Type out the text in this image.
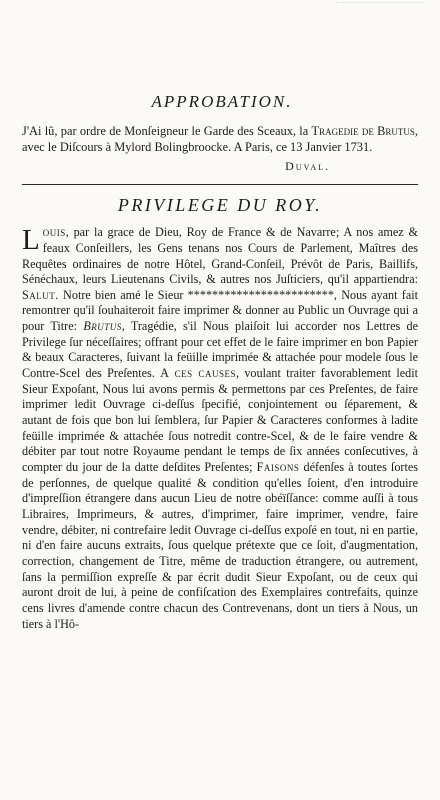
APPROBATION.

J'Ai lû, par ordre de Monſeigneur le Garde des Sceaux, la Tragedie de Brutus, avec le Diſcours à Mylord Bolingbroocke. A Paris, ce 13 Janvier 1731.

Duval.
PRIVILEGE DU ROY.
Louis, par la grace de Dieu, Roy de France & de Navarre; A nos amez & feaux Conſeillers, les Gens tenans nos Cours de Parlement, Maîtres des Requêtes ordinaires de notre Hôtel, Grand-Conſeil, Prévôt de Paris, Baillifs, Sénéchaux, leurs Lieutenans Civils, & autres nos Juſticiers, qu'il appartiendra: Salut. Notre bien amé le Sieur ************************, Nous ayant fait remontrer qu'il ſouhaiteroit faire imprimer & donner au Public un Ouvrage qui a pour Titre: Brutus, Tragédie, s'il Nous plaiſoit lui accorder nos Lettres de Privilege ſur néceſſaires; offrant pour cet effet de le faire imprimer en bon Papier & beaux Caracteres, ſuivant la feüille imprimée & attachée pour modele ſous le Contre-Scel des Preſentes. A ces causes, voulant traiter favorablement ledit Sieur Expoſant, Nous lui avons permis & permettons par ces Preſentes, de faire imprimer ledit Ouvrage ci-deſſus ſpecifié, conjointement ou ſéparement, & autant de fois que bon lui ſemblera, ſur Papier & Caracteres conformes à ladite feüille imprimée & attachée ſous notredit contre-Scel, & de le faire vendre & débiter par tout notre Royaume pendant le temps de ſix années conſecutives, à compter du jour de la datte deſdites Preſentes; Faisons défenſes à toutes ſortes de perſonnes, de quelque qualité & condition qu'elles ſoient, d'en introduire d'impreſſion étrangere dans aucun Lieu de notre obéïſſance: comme auſſi à tous Libraires, Imprimeurs, & autres, d'imprimer, faire imprimer, vendre, faire vendre, débiter, ni contrefaire ledit Ouvrage ci-deſſus expoſé en tout, ni en partie, ni d'en faire aucuns extraits, ſous quelque prétexte que ce ſoit, d'augmentation, correction, changement de Titre, même de traduction étrangere, ou autrement, ſans la permiſſion expreſſe & par écrit dudit Sieur Expoſant, ou de ceux qui auront droit de lui, à peine de confiſcation des Exemplaires contrefaits, quinze cens livres d'amende contre chacun des Contrevenans, dont un tiers à Nous, un tiers à l'Hô-
